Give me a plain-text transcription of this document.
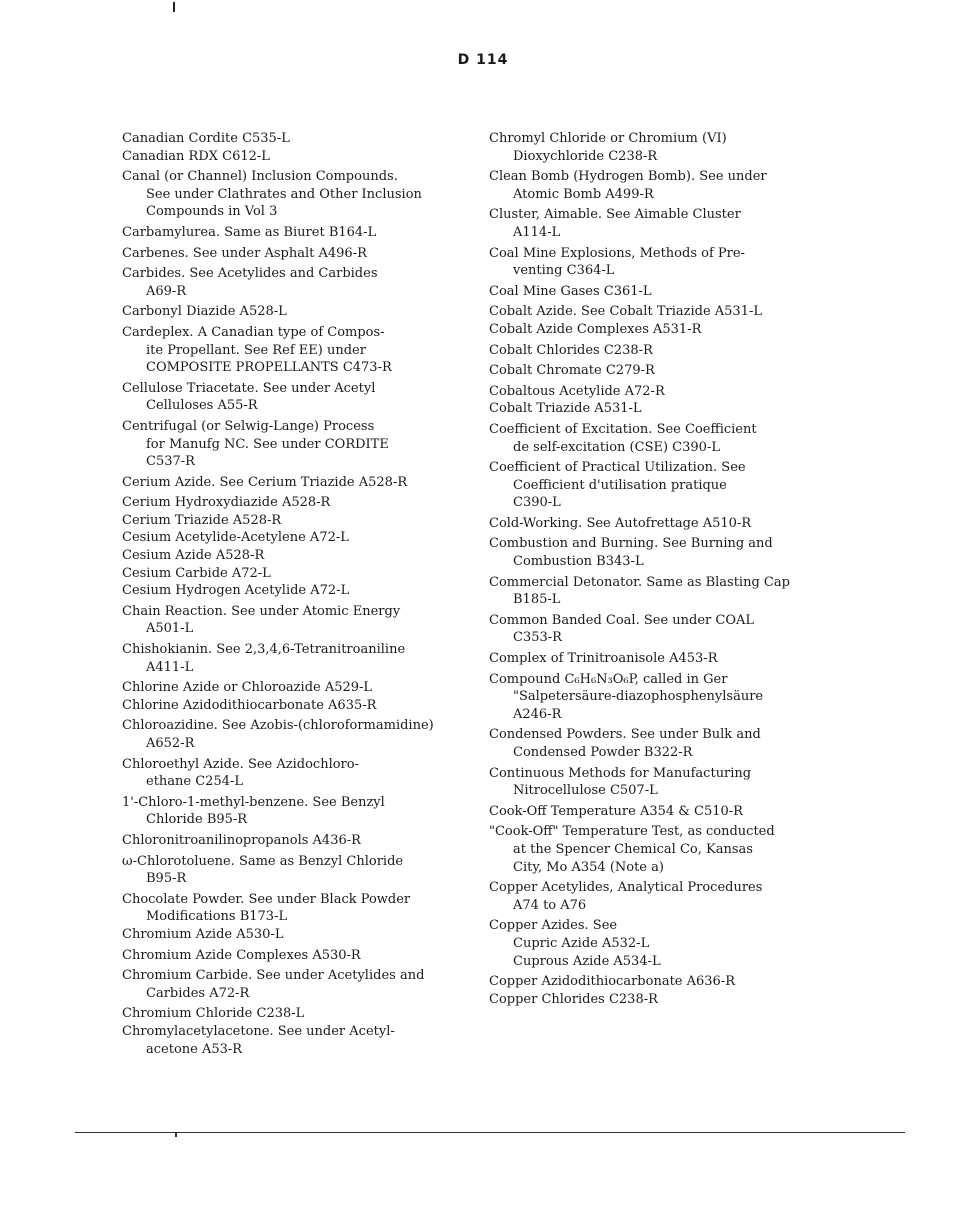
D 114
Canadian Cordite C535-L
Canadian RDX C612-L
Canal (or Channel) Inclusion Compounds.
See under Clathrates and Other Inclusion
Compounds in Vol 3
Carbamylurea. Same as Biuret B164-L
Carbenes. See under Asphalt A496-R
Carbides. See Acetylides and Carbides
A69-R
Carbonyl Diazide A528-L
Cardeplex. A Canadian type of Compos-
ite Propellant. See Ref EE) under
COMPOSITE PROPELLANTS C473-R
Cellulose Triacetate. See under Acetyl
Celluloses A55-R
Centrifugal (or Selwig-Lange) Process
for Manufg NC. See under CORDITE
C537-R
Cerium Azide. See Cerium Triazide A528-R
Cerium Hydroxydiazide A528-R
Cerium Triazide A528-R
Cesium Acetylide-Acetylene A72-L
Cesium Azide A528-R
Cesium Carbide A72-L
Cesium Hydrogen Acetylide A72-L
Chain Reaction. See under Atomic Energy
A501-L
Chishokianin. See 2,3,4,6-Tetranitroaniline
A411-L
Chlorine Azide or Chloroazide A529-L
Chlorine Azidodithiocarbonate A635-R
Chloroazidine. See Azobis-(chloroformamidine)
A652-R
Chloroethyl Azide. See Azidochloro-
ethane C254-L
1'-Chloro-1-methyl-benzene. See Benzyl
Chloride B95-R
Chloronitroanilinopropanols A436-R
ω-Chlorotoluene. Same as Benzyl Chloride
B95-R
Chocolate Powder. See under Black Powder
Modifications B173-L
Chromium Azide A530-L
Chromium Azide Complexes A530-R
Chromium Carbide. See under Acetylides and
Carbides A72-R
Chromium Chloride C238-L
Chromylacetylacetone. See under Acetyl-
acetone A53-R
Chromyl Chloride or Chromium (VI)
Dioxychloride C238-R
Clean Bomb (Hydrogen Bomb). See under
Atomic Bomb A499-R
Cluster, Aimable. See Aimable Cluster
A114-L
Coal Mine Explosions, Methods of Pre-
venting C364-L
Coal Mine Gases C361-L
Cobalt Azide. See Cobalt Triazide A531-L
Cobalt Azide Complexes A531-R
Cobalt Chlorides C238-R
Cobalt Chromate C279-R
Cobaltous Acetylide A72-R
Cobalt Triazide A531-L
Coefficient of Excitation. See Coefficient
de self-excitation (CSE) C390-L
Coefficient of Practical Utilization. See
Coefficient d'utilisation pratique
C390-L
Cold-Working. See Autofrettage A510-R
Combustion and Burning. See Burning and
Combustion B343-L
Commercial Detonator. Same as Blasting Cap
B185-L
Common Banded Coal. See under COAL
C353-R
Complex of Trinitroanisole A453-R
Compound C₆H₆N₃O₆P, called in Ger
"Salpetersäure-diazophosphenylsäure
A246-R
Condensed Powders. See under Bulk and
Condensed Powder B322-R
Continuous Methods for Manufacturing
Nitrocellulose C507-L
Cook-Off Temperature A354 & C510-R
"Cook-Off" Temperature Test, as conducted
at the Spencer Chemical Co, Kansas
City, Mo A354 (Note a)
Copper Acetylides, Analytical Procedures
A74 to A76
Copper Azides. See
Cupric Azide A532-L
Cuprous Azide A534-L
Copper Azidodithiocarbonate A636-R
Copper Chlorides C238-R
